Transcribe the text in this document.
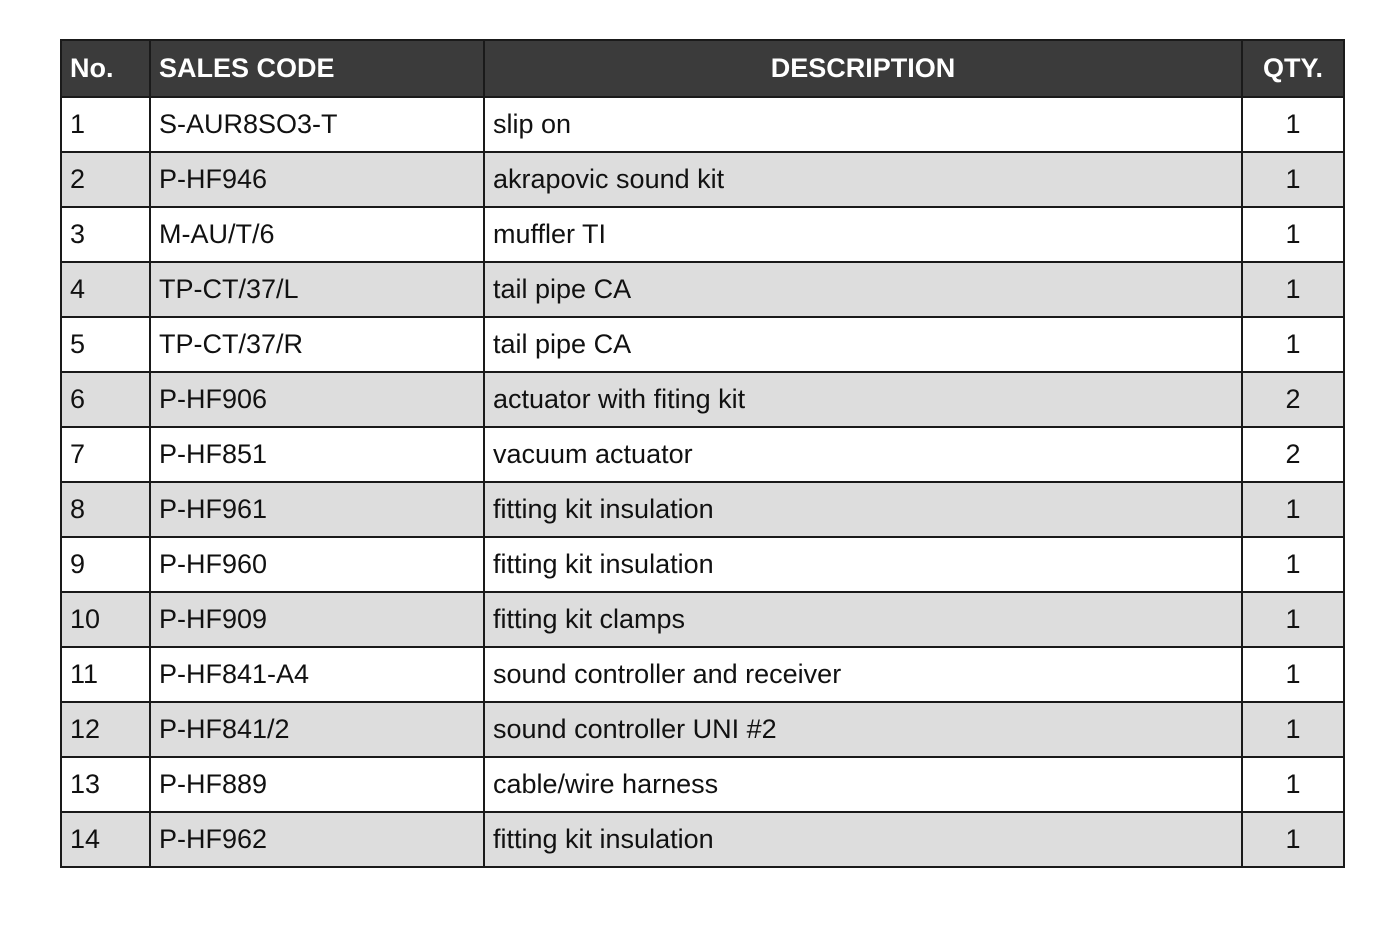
No.	SALES CODE	DESCRIPTION	QTY.
1	S-AUR8SO3-T	slip on	1
2	P-HF946	akrapovic sound kit	1
3	M-AU/T/6	muffler TI	1
4	TP-CT/37/L	tail pipe CA	1
5	TP-CT/37/R	tail pipe CA	1
6	P-HF906	actuator with fiting kit	2
7	P-HF851	vacuum actuator	2
8	P-HF961	fitting kit insulation	1
9	P-HF960	fitting kit insulation	1
10	P-HF909	fitting kit clamps	1
11	P-HF841-A4	sound controller and receiver	1
12	P-HF841/2	sound controller UNI #2	1
13	P-HF889	cable/wire harness	1
14	P-HF962	fitting kit insulation	1
